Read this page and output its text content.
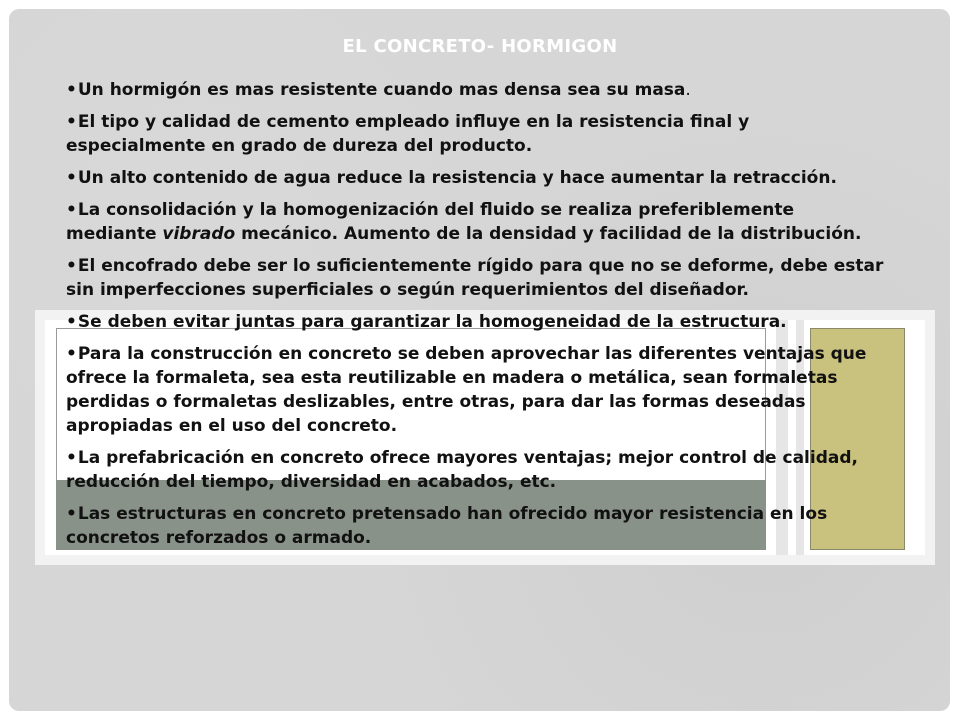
EL CONCRETO- HORMIGON
•Un hormigón es mas resistente cuando mas densa sea su masa.
•El tipo y calidad de cemento empleado influye en la resistencia final y especialmente en grado de dureza del producto.
•Un alto contenido de agua reduce la resistencia y hace aumentar la retracción.
•La consolidación y la homogenización del fluido se realiza preferiblemente mediante vibrado mecánico. Aumento de la densidad y facilidad de la distribución.
•El encofrado debe ser lo suficientemente rígido para que no se deforme, debe estar sin imperfecciones superficiales o según requerimientos del diseñador.
•Se deben evitar juntas para garantizar la homogeneidad de la estructura.
•Para la construcción en concreto se deben aprovechar las diferentes ventajas que ofrece la formaleta, sea esta reutilizable en madera o metálica, sean formaletas perdidas o formaletas deslizables, entre otras, para dar las formas deseadas apropiadas en el uso del concreto.
•La prefabricación en concreto ofrece mayores ventajas; mejor control de calidad, reducción del tiempo, diversidad en acabados, etc.
•Las estructuras en concreto pretensado han ofrecido mayor resistencia en los concretos reforzados o armado.
